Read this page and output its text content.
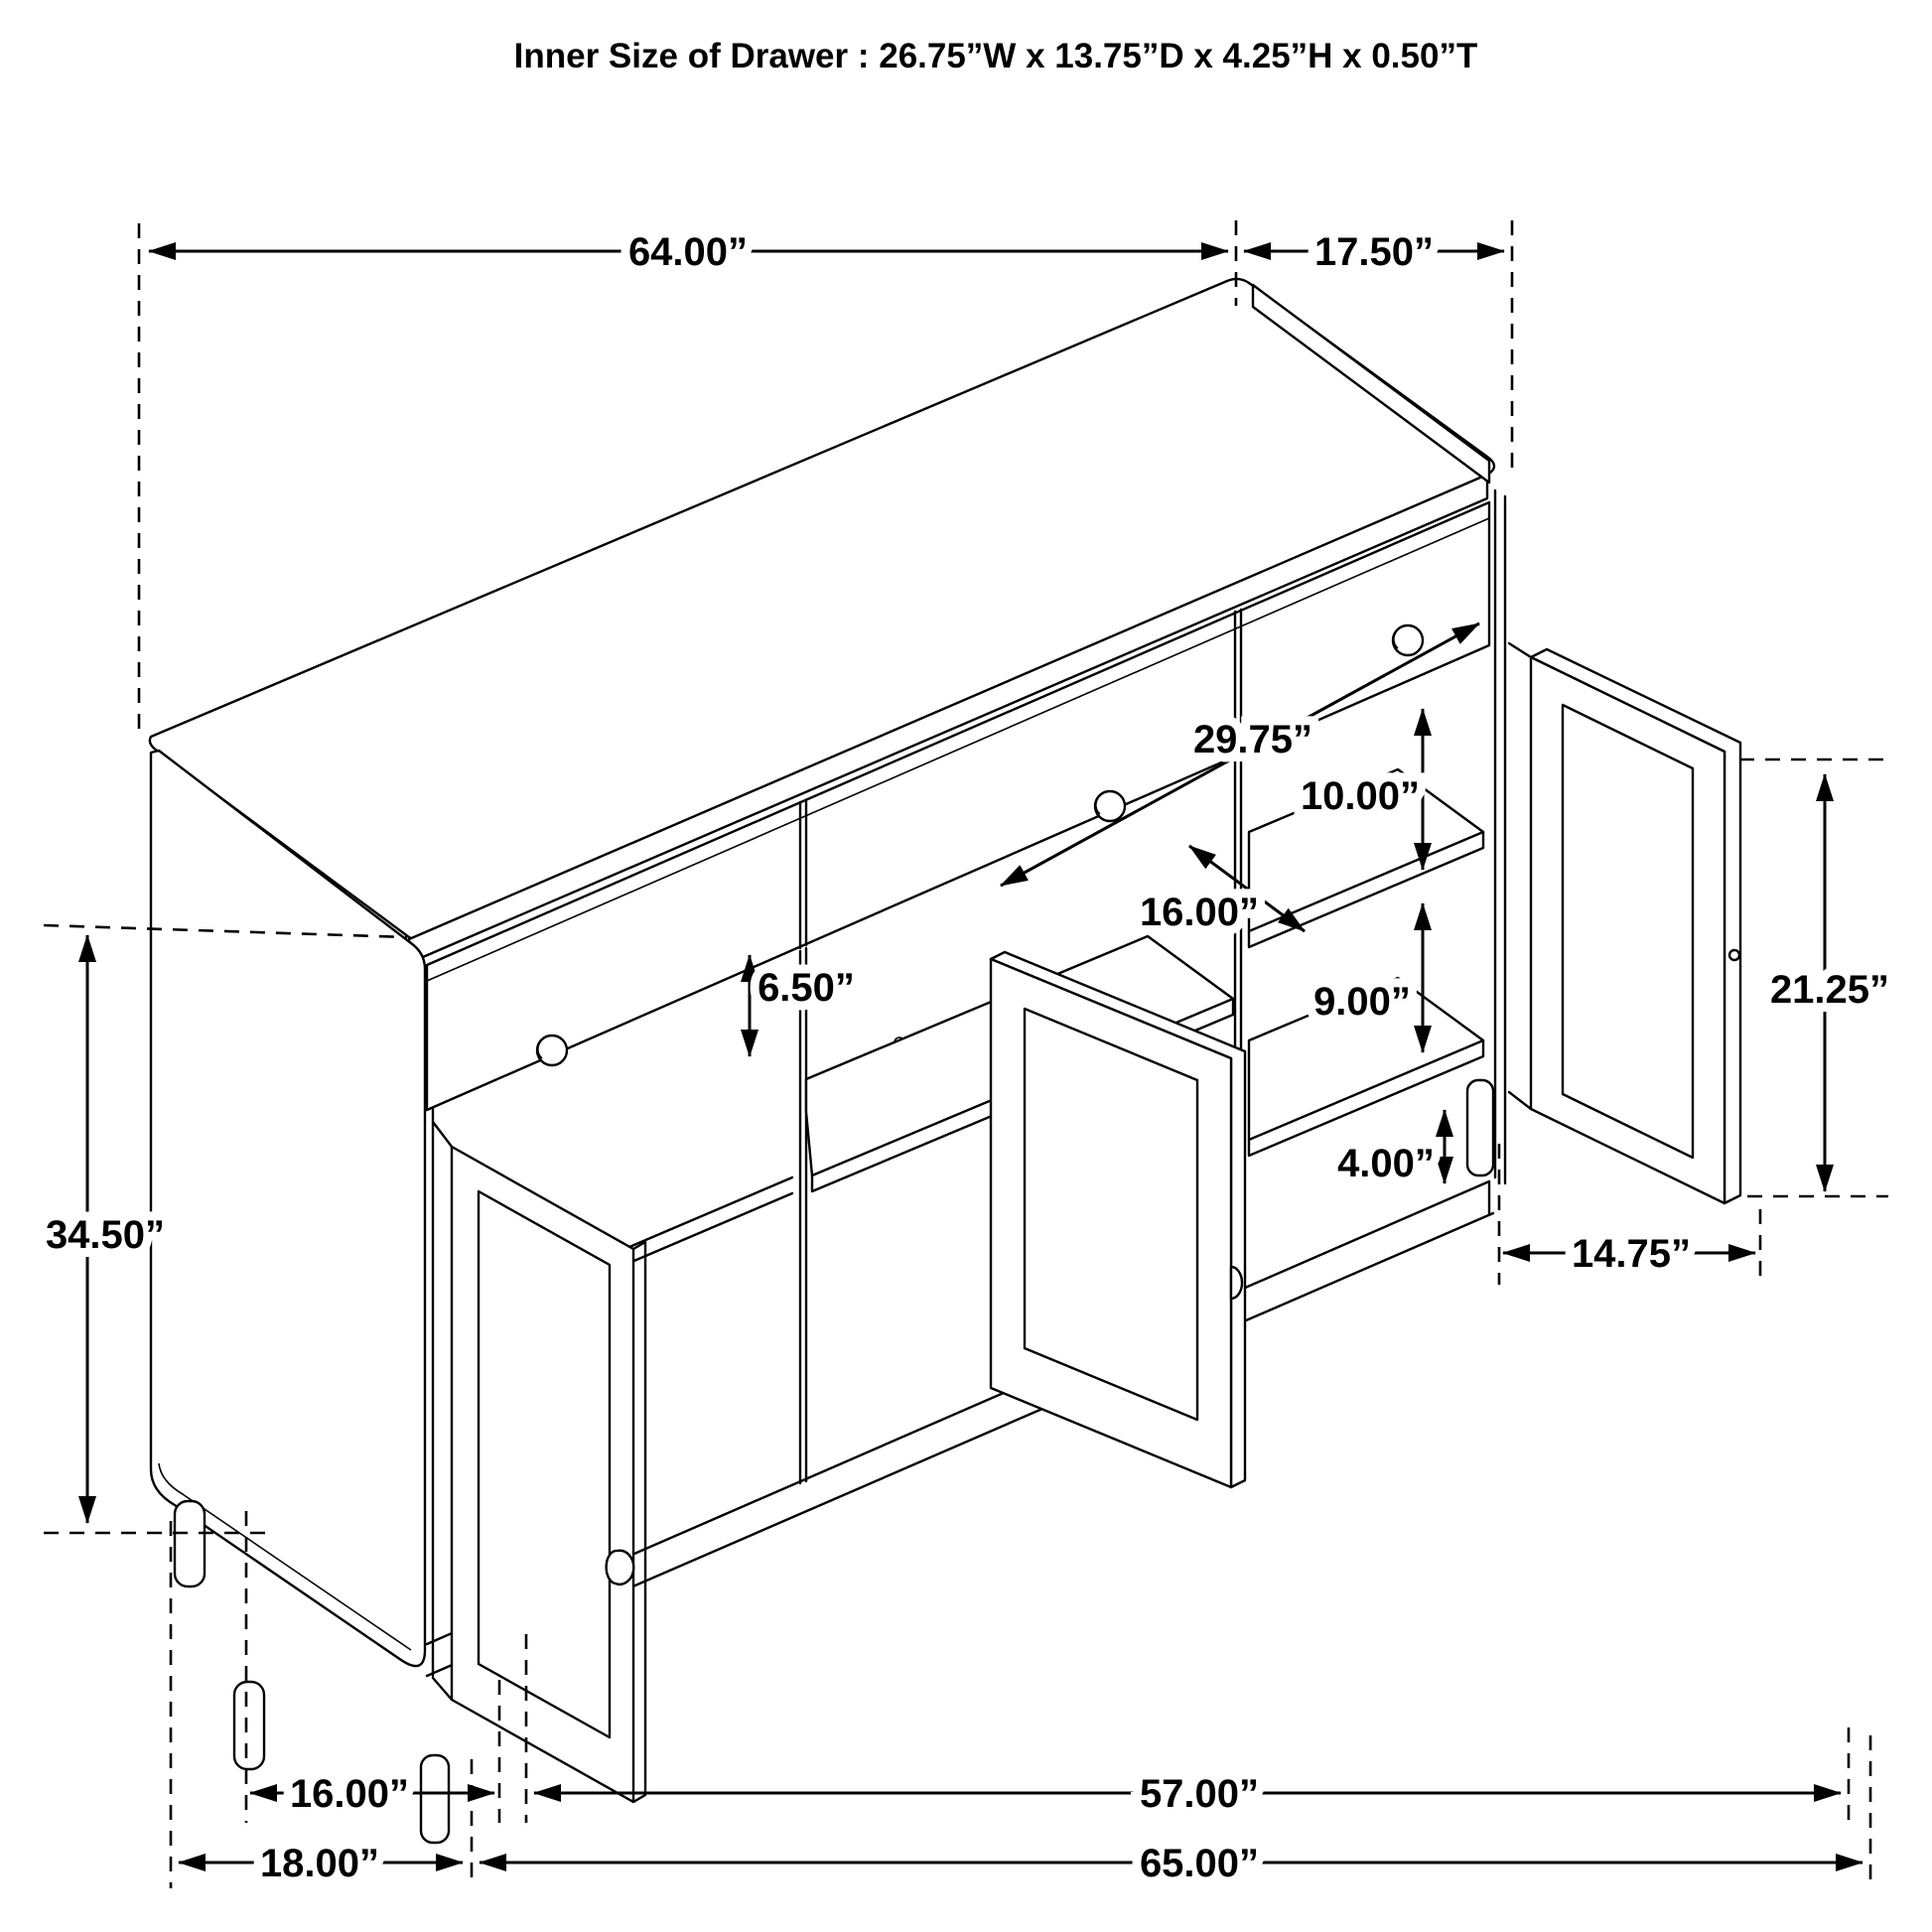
64.00”	17.50”
34.50”
29.75”
10.00”
16.00”
9.00”
6.50”
4.00”
21.25”
14.75”
16.00”
18.00”
57.00”
65.00”
Inner Size of Drawer : 26.75”W x 13.75”D x 4.25”H x 0.50”T
